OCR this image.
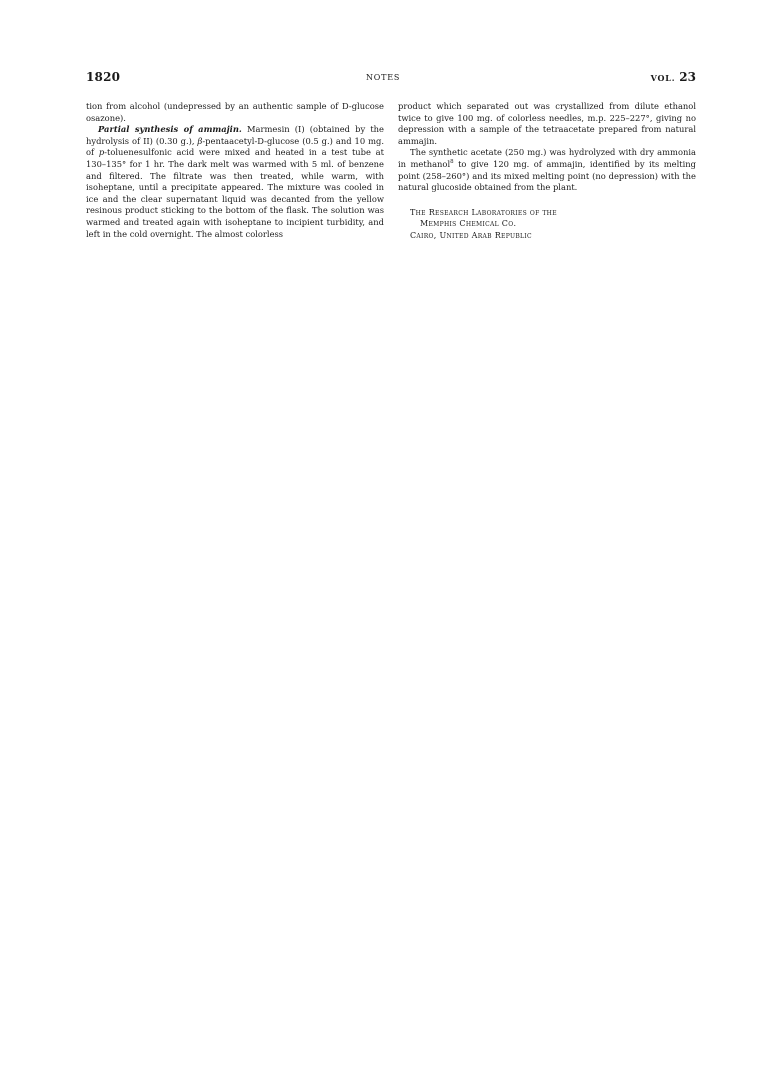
1820	NOTES	VOL. 23

tion from alcohol (undepressed by an authentic sample of D-glucose osazone).

Partial synthesis of ammajin. Marmesin (I) (obtained by the hydrolysis of II) (0.30 g.), β-pentaacetyl-D-glucose (0.5 g.) and 10 mg. of p-toluenesulfonic acid were mixed and heated in a test tube at 130–135° for 1 hr. The dark melt was warmed with 5 ml. of benzene and filtered. The filtrate was then treated, while warm, with isoheptane, until a precipitate appeared. The mixture was cooled in ice and the clear supernatant liquid was decanted from the yellow resinous product sticking to the bottom of the flask. The solution was warmed and treated again with isoheptane to incipient turbidity, and left in the cold overnight. The almost colorless

product which separated out was crystallized from dilute ethanol twice to give 100 mg. of colorless needles, m.p. 225–227°, giving no depression with a sample of the tetraacetate prepared from natural ammajin.

The synthetic acetate (250 mg.) was hydrolyzed with dry ammonia in methanol$^8$ to give 120 mg. of ammajin, identified by its melting point (258–260°) and its mixed melting point (no depression) with the natural glucoside obtained from the plant.

The Research Laboratories of the
Memphis Chemical Co.
Cairo, United Arab Republic
